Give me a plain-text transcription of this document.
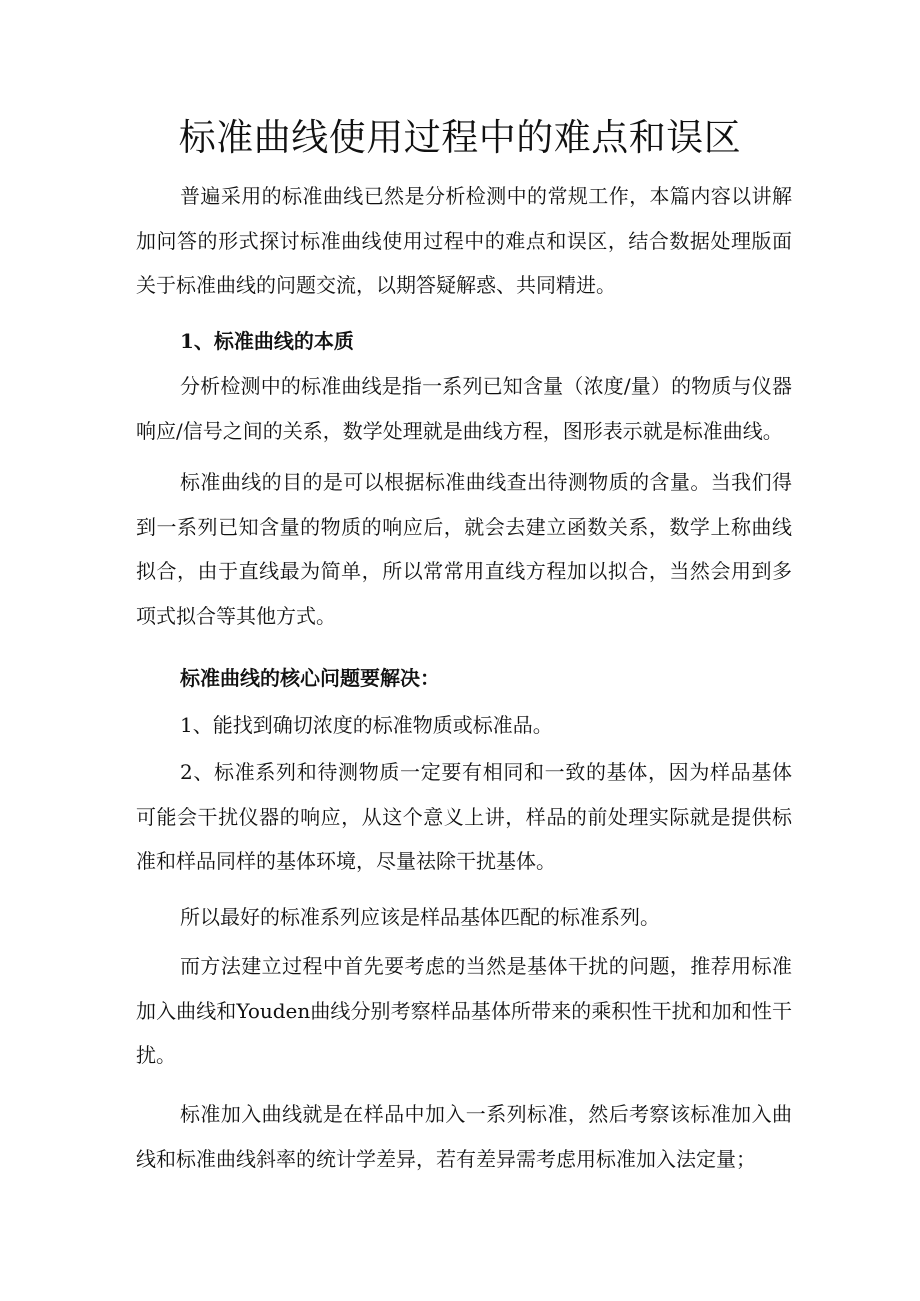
标准曲线使用过程中的难点和误区

普遍采用的标准曲线已然是分析检测中的常规工作，本篇内容以讲解加问答的形式探讨标准曲线使用过程中的难点和误区，结合数据处理版面关于标准曲线的问题交流，以期答疑解惑、共同精进。

1、标准曲线的本质

分析检测中的标准曲线是指一系列已知含量（浓度/量）的物质与仪器响应/信号之间的关系，数学处理就是曲线方程，图形表示就是标准曲线。

标准曲线的目的是可以根据标准曲线查出待测物质的含量。当我们得到一系列已知含量的物质的响应后，就会去建立函数关系，数学上称曲线拟合，由于直线最为简单，所以常常用直线方程加以拟合，当然会用到多项式拟合等其他方式。

标准曲线的核心问题要解决：

1、能找到确切浓度的标准物质或标准品。

2、标准系列和待测物质一定要有相同和一致的基体，因为样品基体可能会干扰仪器的响应，从这个意义上讲，样品的前处理实际就是提供标准和样品同样的基体环境，尽量祛除干扰基体。

所以最好的标准系列应该是样品基体匹配的标准系列。

而方法建立过程中首先要考虑的当然是基体干扰的问题，推荐用标准加入曲线和Youden曲线分别考察样品基体所带来的乘积性干扰和加和性干扰。

标准加入曲线就是在样品中加入一系列标准，然后考察该标准加入曲线和标准曲线斜率的统计学差异，若有差异需考虑用标准加入法定量；
